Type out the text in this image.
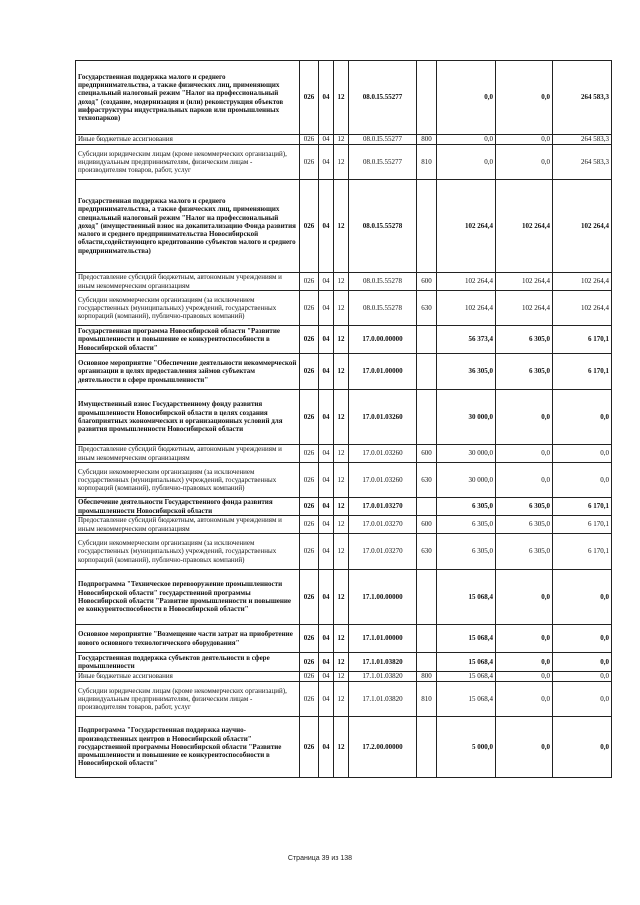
Государственная поддержка малого и среднего предпринимательства, а также физических лиц, применяющих специальный налоговый режим "Налог на профессиональный доход" (создание, модернизация и (или) реконструкция объектов инфраструктуры индустриальных парков или промышленных технопарков)	026	04	12	08.0.I5.55277		0,0	0,0	264 583,3
Иные бюджетные ассигнования	026	04	12	08.0.I5.55277	800	0,0	0,0	264 583,3
Субсидии юридическим лицам (кроме некоммерческих организаций), индивидуальным предпринимателям, физическим лицам - производителям товаров, работ, услуг	026	04	12	08.0.I5.55277	810	0,0	0,0	264 583,3
Государственная поддержка малого и среднего предпринимательства, а также физических лиц, применяющих специальный налоговый режим "Налог на профессиональный доход" (имущественный взнос на докапитализацию Фонда развития малого и среднего предпринимательства Новосибирской области,содействующего кредитованию субъектов малого и среднего предпринимательства)	026	04	12	08.0.I5.55278		102 264,4	102 264,4	102 264,4
Предоставление субсидий бюджетным, автономным учреждениям и иным некоммерческим организациям	026	04	12	08.0.I5.55278	600	102 264,4	102 264,4	102 264,4
Субсидии некоммерческим организациям (за исключением государственных (муниципальных) учреждений, государственных корпораций (компаний), публично-правовых компаний)	026	04	12	08.0.I5.55278	630	102 264,4	102 264,4	102 264,4
Государственная программа Новосибирской области "Развитие промышленности и повышение ее конкурентоспособности в Новосибирской области"	026	04	12	17.0.00.00000		56 373,4	6 305,0	6 170,1
Основное мероприятие "Обеспечение деятельности некоммерческой организации в целях предоставления займов субъектам деятельности в сфере промышленности"	026	04	12	17.0.01.00000		36 305,0	6 305,0	6 170,1
Имущественный взнос Государственному фонду развития промышленности Новосибирской области в целях создания благоприятных экономических и организационных условий для развития промышленности Новосибирской области	026	04	12	17.0.01.03260		30 000,0	0,0	0,0
Предоставление субсидий бюджетным, автономным учреждениям и иным некоммерческим организациям	026	04	12	17.0.01.03260	600	30 000,0	0,0	0,0
Субсидии некоммерческим организациям (за исключением государственных (муниципальных) учреждений, государственных корпораций (компаний), публично-правовых компаний)	026	04	12	17.0.01.03260	630	30 000,0	0,0	0,0
Обеспечение деятельности Государственного фонда развития промышленности Новосибирской области	026	04	12	17.0.01.03270		6 305,0	6 305,0	6 170,1
Предоставление субсидий бюджетным, автономным учреждениям и иным некоммерческим организациям	026	04	12	17.0.01.03270	600	6 305,0	6 305,0	6 170,1
Субсидии некоммерческим организациям (за исключением государственных (муниципальных) учреждений, государственных корпораций (компаний), публично-правовых компаний)	026	04	12	17.0.01.03270	630	6 305,0	6 305,0	6 170,1
Подпрограмма "Техническое перевооружение промышленности Новосибирской области" государственной программы Новосибирской области "Развитие промышленности и повышение ее конкурентоспособности в Новосибирской области"	026	04	12	17.1.00.00000		15 068,4	0,0	0,0
Основное мероприятие "Возмещение части затрат на приобретение нового основного технологического оборудования"	026	04	12	17.1.01.00000		15 068,4	0,0	0,0
Государственная поддержка субъектов деятельности в сфере промышленности	026	04	12	17.1.01.03820		15 068,4	0,0	0,0
Иные бюджетные ассигнования	026	04	12	17.1.01.03820	800	15 068,4	0,0	0,0
Субсидии юридическим лицам (кроме некоммерческих организаций), индивидуальным предпринимателям, физическим лицам - производителям товаров, работ, услуг	026	04	12	17.1.01.03820	810	15 068,4	0,0	0,0
Подпрограмма "Государственная поддержка научно-производственных центров в Новосибирской области" государственной программы Новосибирской области "Развитие промышленности и повышение ее конкурентоспособности в Новосибирской области"	026	04	12	17.2.00.00000		5 000,0	0,0	0,0
Страница 39 из 138
